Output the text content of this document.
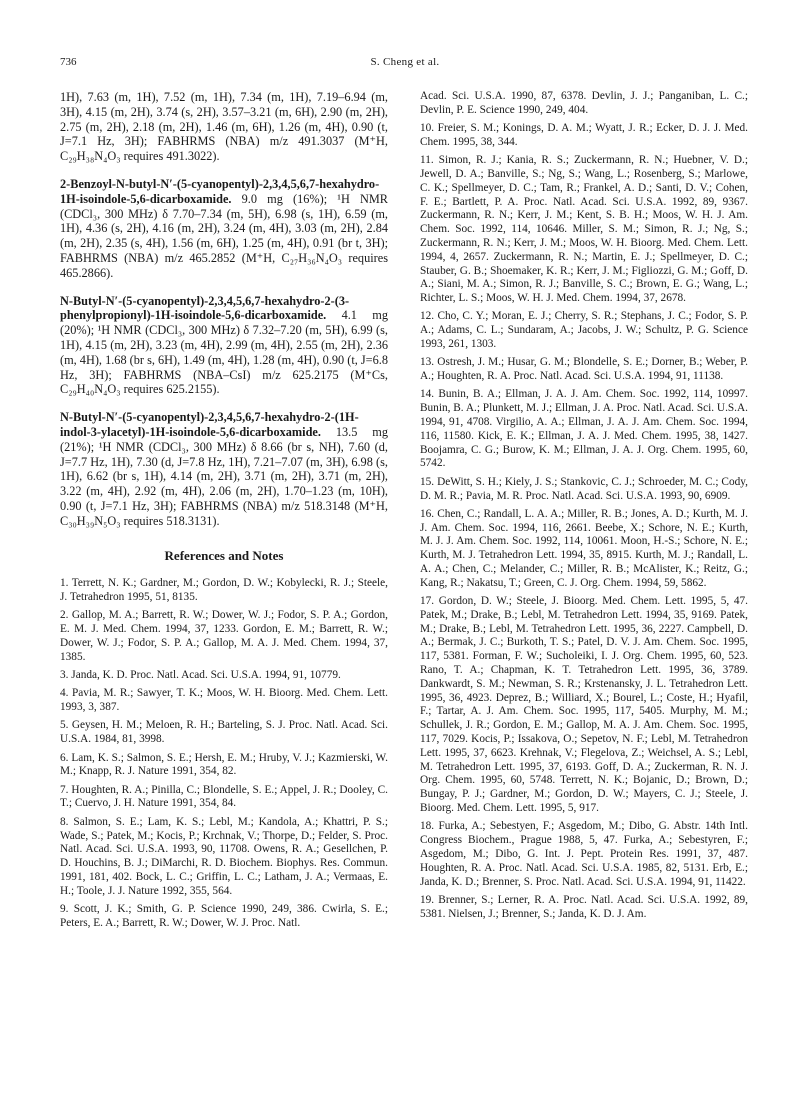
736	S. Cheng et al.

1H), 7.63 (m, 1H), 7.52 (m, 1H), 7.34 (m, 1H), 7.19–6.94 (m, 3H), 4.15 (m, 2H), 3.74 (s, 2H), 3.57–3.21 (m, 6H), 2.90 (m, 2H), 2.75 (m, 2H), 2.18 (m, 2H), 1.46 (m, 6H), 1.26 (m, 4H), 0.90 (t, J=7.1 Hz, 3H); FABHRMS (NBA) m/z 491.3037 (M⁺H, C₂₉H₃₈N₄O₃ requires 491.3022).

2-Benzoyl-N-butyl-N′-(5-cyanopentyl)-2,3,4,5,6,7-hexahydro-1H-isoindole-5,6-dicarboxamide. 9.0 mg (16%); ¹H NMR (CDCl₃, 300 MHz) δ 7.70–7.34 (m, 5H), 6.98 (s, 1H), 6.59 (m, 1H), 4.36 (s, 2H), 4.16 (m, 2H), 3.24 (m, 4H), 3.03 (m, 2H), 2.84 (m, 2H), 2.35 (s, 4H), 1.56 (m, 6H), 1.25 (m, 4H), 0.91 (br t, 3H); FABHRMS (NBA) m/z 465.2852 (M⁺H, C₂₇H₃₆N₄O₃ requires 465.2866).

N-Butyl-N′-(5-cyanopentyl)-2,3,4,5,6,7-hexahydro-2-(3-phenylpropionyl)-1H-isoindole-5,6-dicarboxamide. 4.1 mg (20%); ¹H NMR (CDCl₃, 300 MHz) δ 7.32–7.20 (m, 5H), 6.99 (s, 1H), 4.15 (m, 2H), 3.23 (m, 4H), 2.99 (m, 4H), 2.55 (m, 2H), 2.36 (m, 4H), 1.68 (br s, 6H), 1.49 (m, 4H), 1.28 (m, 4H), 0.90 (t, J=6.8 Hz, 3H); FABHRMS (NBA–CsI) m/z 625.2175 (M⁺Cs, C₂₉H₄₀N₄O₃ requires 625.2155).

N-Butyl-N′-(5-cyanopentyl)-2,3,4,5,6,7-hexahydro-2-(1H-indol-3-ylacetyl)-1H-isoindole-5,6-dicarboxamide. 13.5 mg (21%); ¹H NMR (CDCl₃, 300 MHz) δ 8.66 (br s, NH), 7.60 (d, J=7.7 Hz, 1H), 7.30 (d, J=7.8 Hz, 1H), 7.21–7.07 (m, 3H), 6.98 (s, 1H), 6.62 (br s, 1H), 4.14 (m, 2H), 3.71 (m, 2H), 3.71 (m, 2H), 3.22 (m, 4H), 2.92 (m, 4H), 2.06 (m, 2H), 1.70–1.23 (m, 10H), 0.90 (t, J=7.1 Hz, 3H); FABHRMS (NBA) m/z 518.3148 (M⁺H, C₃₀H₃₉N₅O₃ requires 518.3131).

References and Notes

1. Terrett, N. K.; Gardner, M.; Gordon, D. W.; Kobylecki, R. J.; Steele, J. Tetrahedron 1995, 51, 8135.

2. Gallop, M. A.; Barrett, R. W.; Dower, W. J.; Fodor, S. P. A.; Gordon, E. M. J. Med. Chem. 1994, 37, 1233. Gordon, E. M.; Barrett, R. W.; Dower, W. J.; Fodor, S. P. A.; Gallop, M. A. J. Med. Chem. 1994, 37, 1385.

3. Janda, K. D. Proc. Natl. Acad. Sci. U.S.A. 1994, 91, 10779.

4. Pavia, M. R.; Sawyer, T. K.; Moos, W. H. Bioorg. Med. Chem. Lett. 1993, 3, 387.

5. Geysen, H. M.; Meloen, R. H.; Barteling, S. J. Proc. Natl. Acad. Sci. U.S.A. 1984, 81, 3998.

6. Lam, K. S.; Salmon, S. E.; Hersh, E. M.; Hruby, V. J.; Kazmierski, W. M.; Knapp, R. J. Nature 1991, 354, 82.

7. Houghten, R. A.; Pinilla, C.; Blondelle, S. E.; Appel, J. R.; Dooley, C. T.; Cuervo, J. H. Nature 1991, 354, 84.

8. Salmon, S. E.; Lam, K. S.; Lebl, M.; Kandola, A.; Khattri, P. S.; Wade, S.; Patek, M.; Kocis, P.; Krchnak, V.; Thorpe, D.; Felder, S. Proc. Natl. Acad. Sci. U.S.A. 1993, 90, 11708. Owens, R. A.; Gesellchen, P. D. Houchins, B. J.; DiMarchi, R. D. Biochem. Biophys. Res. Commun. 1991, 181, 402. Bock, L. C.; Griffin, L. C.; Latham, J. A.; Vermaas, E. H.; Toole, J. J. Nature 1992, 355, 564.

9. Scott, J. K.; Smith, G. P. Science 1990, 249, 386. Cwirla, S. E.; Peters, E. A.; Barrett, R. W.; Dower, W. J. Proc. Natl.

Acad. Sci. U.S.A. 1990, 87, 6378. Devlin, J. J.; Panganiban, L. C.; Devlin, P. E. Science 1990, 249, 404.

10. Freier, S. M.; Konings, D. A. M.; Wyatt, J. R.; Ecker, D. J. J. Med. Chem. 1995, 38, 344.

11. Simon, R. J.; Kania, R. S.; Zuckermann, R. N.; Huebner, V. D.; Jewell, D. A.; Banville, S.; Ng, S.; Wang, L.; Rosenberg, S.; Marlowe, C. K.; Spellmeyer, D. C.; Tam, R.; Frankel, A. D.; Santi, D. V.; Cohen, F. E.; Bartlett, P. A. Proc. Natl. Acad. Sci. U.S.A. 1992, 89, 9367. Zuckermann, R. N.; Kerr, J. M.; Kent, S. B. H.; Moos, W. H. J. Am. Chem. Soc. 1992, 114, 10646. Miller, S. M.; Simon, R. J.; Ng, S.; Zuckermann, R. N.; Kerr, J. M.; Moos, W. H. Bioorg. Med. Chem. Lett. 1994, 4, 2657. Zuckermann, R. N.; Martin, E. J.; Spellmeyer, D. C.; Stauber, G. B.; Shoemaker, K. R.; Kerr, J. M.; Figliozzi, G. M.; Goff, D. A.; Siani, M. A.; Simon, R. J.; Banville, S. C.; Brown, E. G.; Wang, L.; Richter, L. S.; Moos, W. H. J. Med. Chem. 1994, 37, 2678.

12. Cho, C. Y.; Moran, E. J.; Cherry, S. R.; Stephans, J. C.; Fodor, S. P. A.; Adams, C. L.; Sundaram, A.; Jacobs, J. W.; Schultz, P. G. Science 1993, 261, 1303.

13. Ostresh, J. M.; Husar, G. M.; Blondelle, S. E.; Dorner, B.; Weber, P. A.; Houghten, R. A. Proc. Natl. Acad. Sci. U.S.A. 1994, 91, 11138.

14. Bunin, B. A.; Ellman, J. A. J. Am. Chem. Soc. 1992, 114, 10997. Bunin, B. A.; Plunkett, M. J.; Ellman, J. A. Proc. Natl. Acad. Sci. U.S.A. 1994, 91, 4708. Virgilio, A. A.; Ellman, J. A. J. Am. Chem. Soc. 1994, 116, 11580. Kick, E. K.; Ellman, J. A. J. Med. Chem. 1995, 38, 1427. Boojamra, C. G.; Burow, K. M.; Ellman, J. A. J. Org. Chem. 1995, 60, 5742.

15. DeWitt, S. H.; Kiely, J. S.; Stankovic, C. J.; Schroeder, M. C.; Cody, D. M. R.; Pavia, M. R. Proc. Natl. Acad. Sci. U.S.A. 1993, 90, 6909.

16. Chen, C.; Randall, L. A. A.; Miller, R. B.; Jones, A. D.; Kurth, M. J. J. Am. Chem. Soc. 1994, 116, 2661. Beebe, X.; Schore, N. E.; Kurth, M. J. J. Am. Chem. Soc. 1992, 114, 10061. Moon, H.-S.; Schore, N. E.; Kurth, M. J. Tetrahedron Lett. 1994, 35, 8915. Kurth, M. J.; Randall, L. A. A.; Chen, C.; Melander, C.; Miller, R. B.; McAlister, K.; Reitz, G.; Kang, R.; Nakatsu, T.; Green, C. J. Org. Chem. 1994, 59, 5862.

17. Gordon, D. W.; Steele, J. Bioorg. Med. Chem. Lett. 1995, 5, 47. Patek, M.; Drake, B.; Lebl, M. Tetrahedron Lett. 1994, 35, 9169. Patek, M.; Drake, B.; Lebl, M. Tetrahedron Lett. 1995, 36, 2227. Campbell, D. A.; Bermak, J. C.; Burkoth, T. S.; Patel, D. V. J. Am. Chem. Soc. 1995, 117, 5381. Forman, F. W.; Sucholeiki, I. J. Org. Chem. 1995, 60, 523. Rano, T. A.; Chapman, K. T. Tetrahedron Lett. 1995, 36, 3789. Dankwardt, S. M.; Newman, S. R.; Krstenansky, J. L. Tetrahedron Lett. 1995, 36, 4923. Deprez, B.; Williard, X.; Bourel, L.; Coste, H.; Hyafil, F.; Tartar, A. J. Am. Chem. Soc. 1995, 117, 5405. Murphy, M. M.; Schullek, J. R.; Gordon, E. M.; Gallop, M. A. J. Am. Chem. Soc. 1995, 117, 7029. Kocis, P.; Issakova, O.; Sepetov, N. F.; Lebl, M. Tetrahedron Lett. 1995, 37, 6623. Krehnak, V.; Flegelova, Z.; Weichsel, A. S.; Lebl, M. Tetrahedron Lett. 1995, 37, 6193. Goff, D. A.; Zuckerman, R. N. J. Org. Chem. 1995, 60, 5748. Terrett, N. K.; Bojanic, D.; Brown, D.; Bungay, P. J.; Gardner, M.; Gordon, D. W.; Mayers, C. J.; Steele, J. Bioorg. Med. Chem. Lett. 1995, 5, 917.

18. Furka, A.; Sebestyen, F.; Asgedom, M.; Dibo, G. Abstr. 14th Intl. Congress Biochem., Prague 1988, 5, 47. Furka, A.; Sebestyren, F.; Asgedom, M.; Dibo, G. Int. J. Pept. Protein Res. 1991, 37, 487. Houghten, R. A. Proc. Natl. Acad. Sci. U.S.A. 1985, 82, 5131. Erb, E.; Janda, K. D.; Brenner, S. Proc. Natl. Acad. Sci. U.S.A. 1994, 91, 11422.

19. Brenner, S.; Lerner, R. A. Proc. Natl. Acad. Sci. U.S.A. 1992, 89, 5381. Nielsen, J.; Brenner, S.; Janda, K. D. J. Am.
